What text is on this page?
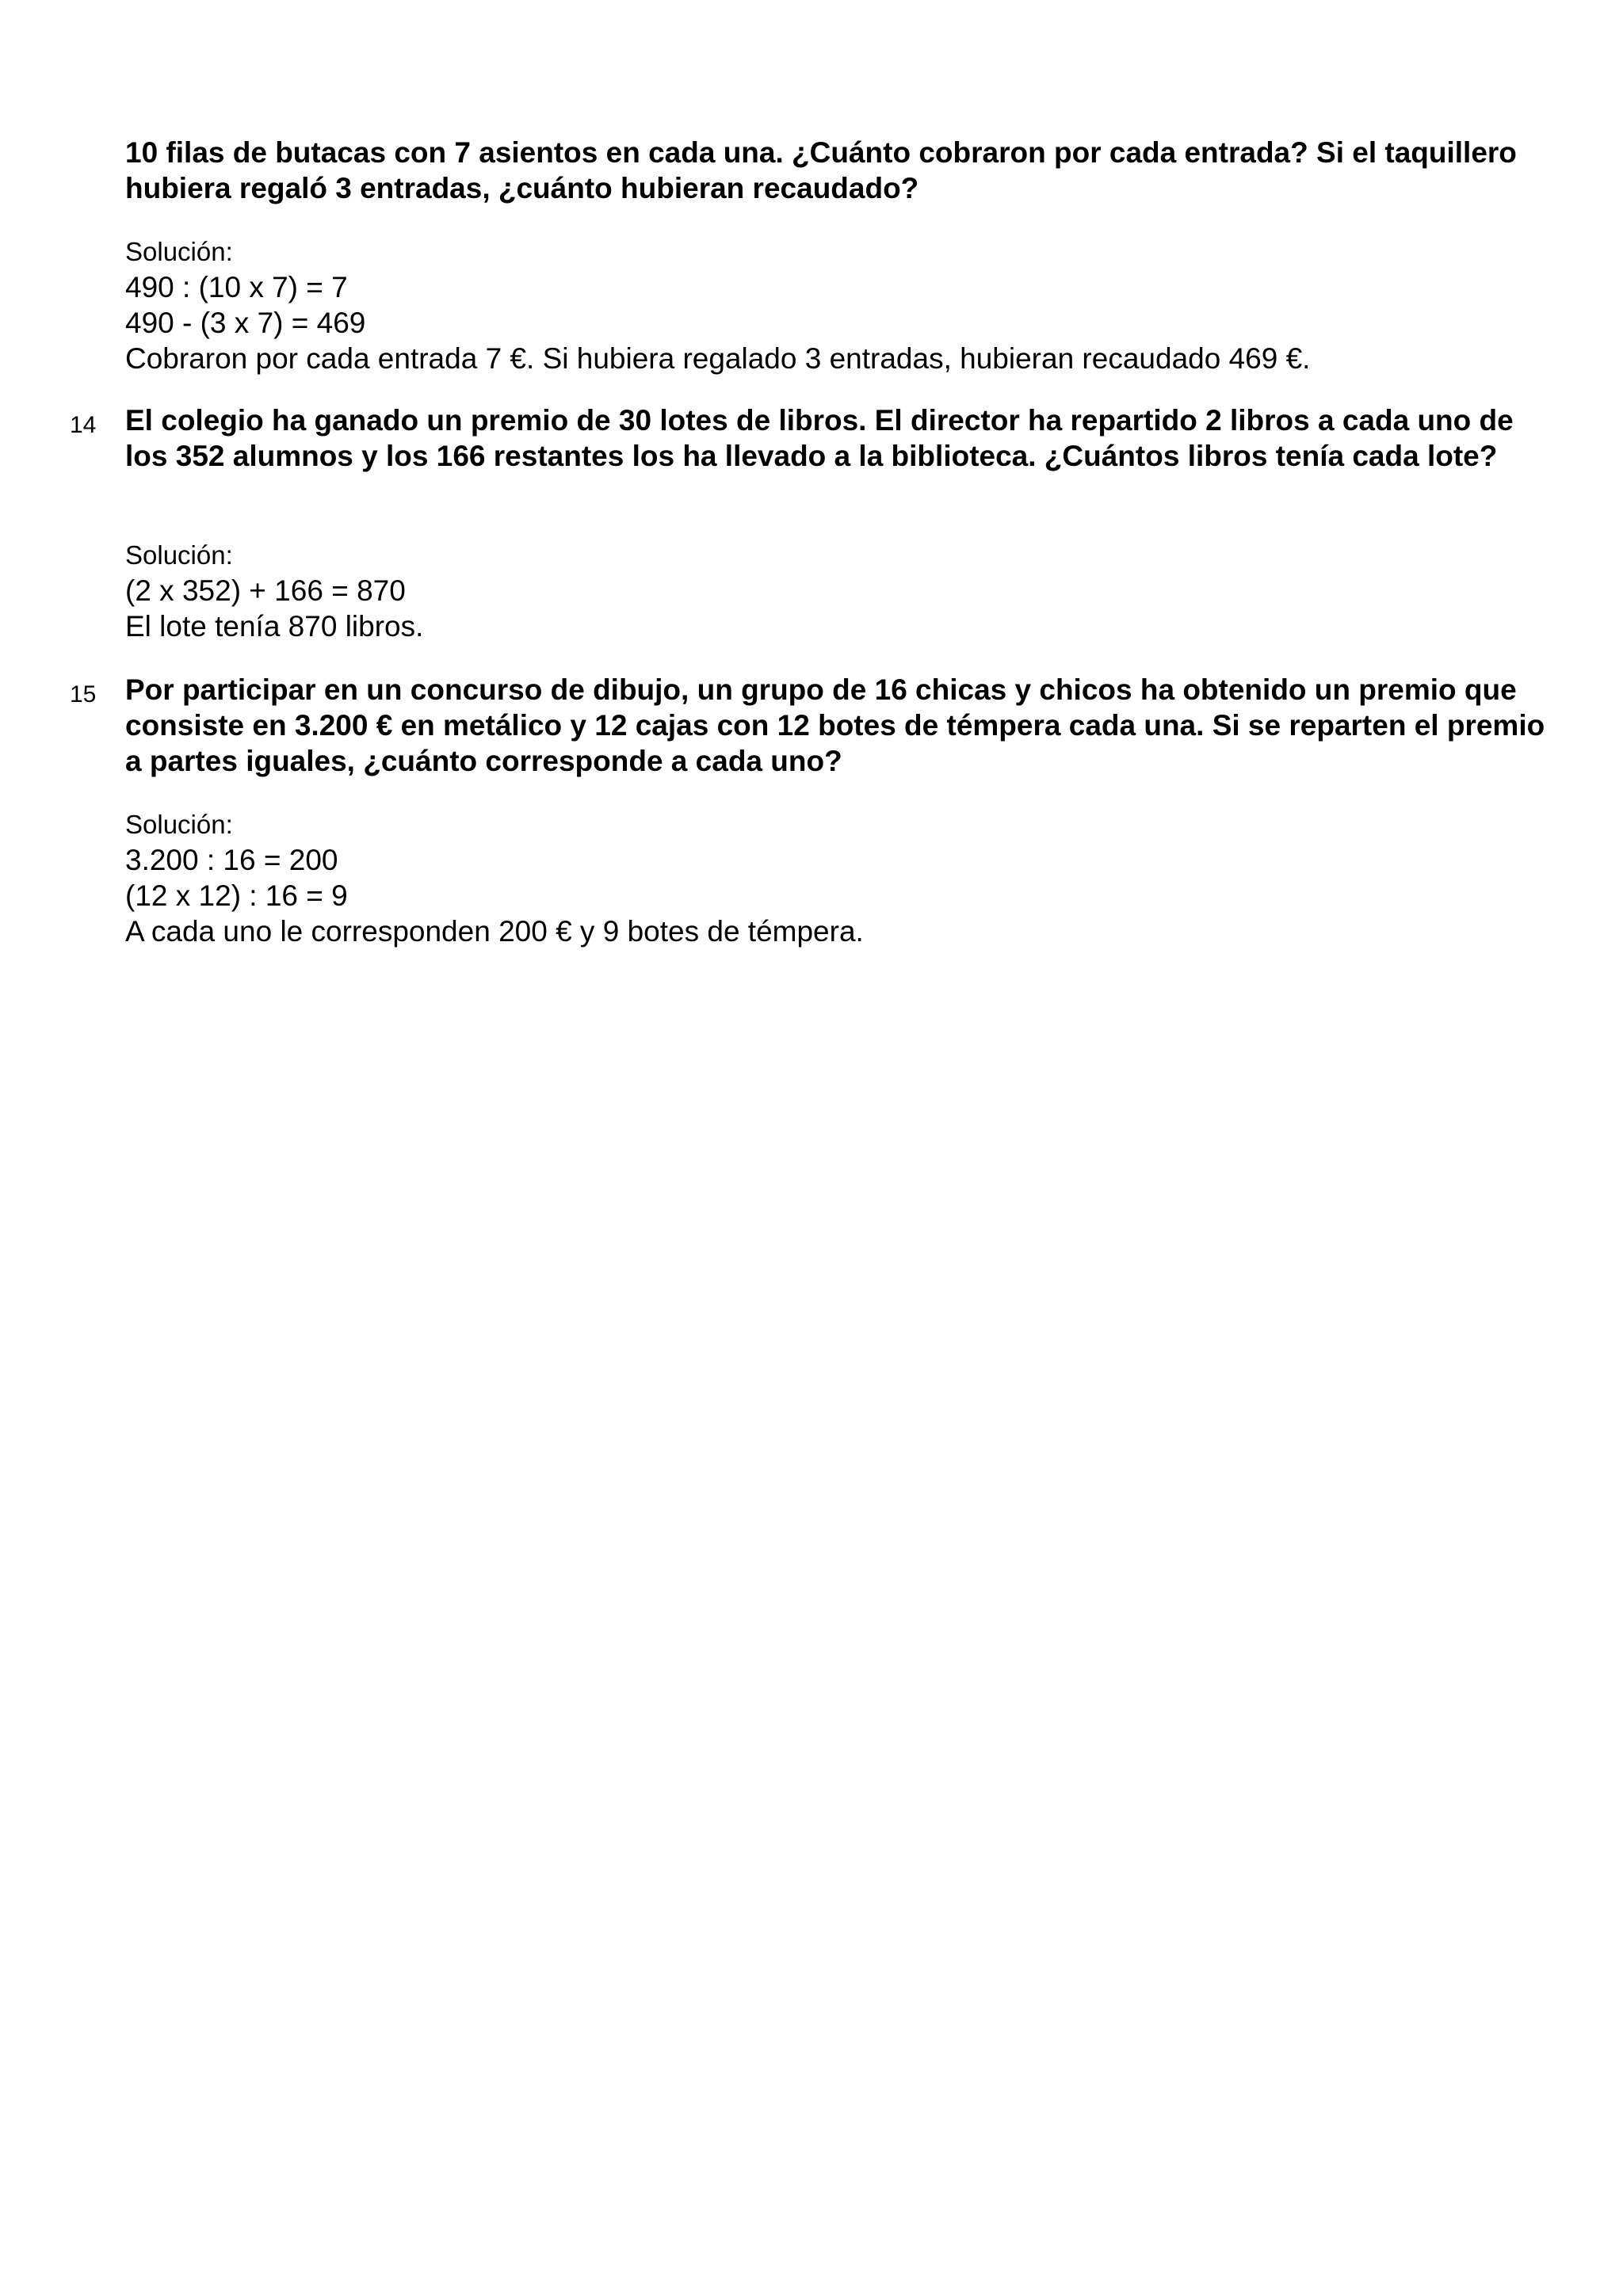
10 filas de butacas con 7 asientos en cada una. ¿Cuánto cobraron por cada entrada? Si el taquillero hubiera regaló 3 entradas, ¿cuánto hubieran recaudado?

Solución:
490 : (10 x 7) = 7
490 - (3 x 7) = 469
Cobraron por cada entrada 7 €. Si hubiera regalado 3 entradas, hubieran recaudado 469 €.
14 El colegio ha ganado un premio de 30 lotes de libros. El director ha repartido 2 libros a cada uno de los 352 alumnos y los 166 restantes los ha llevado a la biblioteca. ¿Cuántos libros tenía cada lote?

Solución:
(2 x 352) + 166 = 870
El lote tenía 870 libros.
15 Por participar en un concurso de dibujo, un grupo de 16 chicas y chicos ha obtenido un premio que consiste en 3.200 € en metálico y 12 cajas con 12 botes de témpera cada una. Si se reparten el premio a partes iguales, ¿cuánto corresponde a cada uno?

Solución:
3.200 : 16 = 200
(12 x 12) : 16 = 9
A cada uno le corresponden 200 € y 9 botes de témpera.
